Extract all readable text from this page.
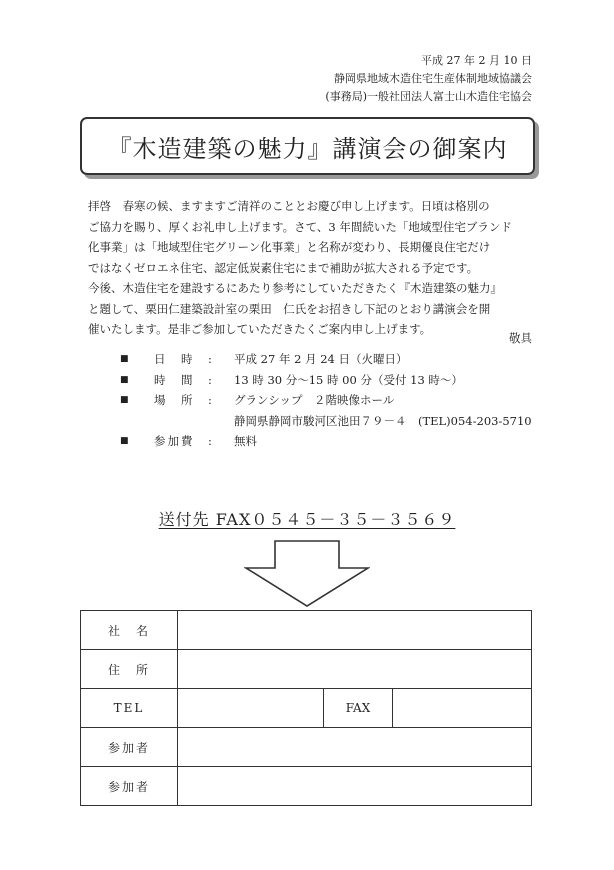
平成 27 年 2 月 10 日
静岡県地域木造住宅生産体制地域協議会
(事務局)一般社団法人富士山木造住宅協会
『木造建築の魅力』講演会の御案内

拝啓　春寒の候、ますますご清祥のこととお慶び申し上げます。日頃は格別の

ご協力を賜り、厚くお礼申し上げます。さて、3 年間続いた「地域型住宅ブランド

化事業」は「地域型住宅グリーン化事業」と名称が変わり、長期優良住宅だけ

ではなくゼロエネ住宅、認定低炭素住宅にまで補助が拡大される予定です。

今後、木造住宅を建設するにあたり参考にしていただきたく『木造建築の魅力』

と題して、栗田仁建築設計室の栗田　仁氏をお招きし下記のとおり講演会を開

催いたします。是非ご参加していただきたくご案内申し上げます。

敬具
■	日　時	:	平成 27 年 2 月 24 日（火曜日）
■	時　間	:	13 時 30 分～15 時 00 分（受付 13 時～）
■	場　所	:	グランシップ　２階映像ホール
静岡県静岡市駿河区池田７９－４　(TEL)054-203-5710
■	参加費	:	無料
送付先 FAX０５４５－３５－３５６９
社　名			
住　所			
TEL		FAX	
参加者			
参加者			
